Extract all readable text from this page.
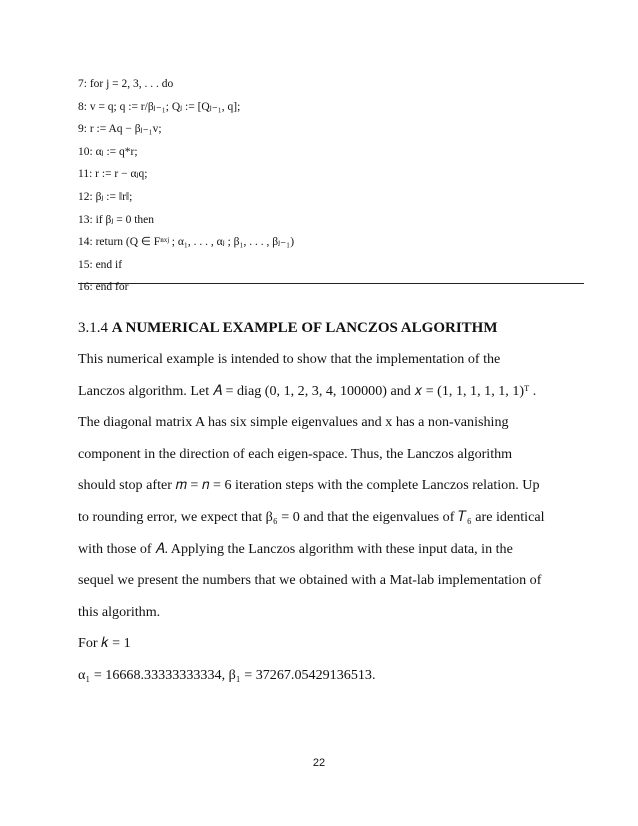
7: for j = 2, 3, . . . do
8: v = q; q := r/βⱼ₋₁; Qⱼ := [Qⱼ₋₁, q];
9: r := Aq − βⱼ₋₁v;
10: αⱼ := q*r;
11: r := r − αⱼq;
12: βⱼ := ‖r‖;
13: if βⱼ = 0 then
14: return (Q ∈ Fⁿˣʲ ; α₁, . . . , αⱼ ; β₁, . . . , βⱼ₋₁)
15: end if
16: end for
3.1.4 A NUMERICAL EXAMPLE OF LANCZOS ALGORITHM
This numerical example is intended to show that the implementation of the
Lanczos algorithm. Let 𝐴 = diag (0, 1, 2, 3, 4, 100000) and 𝑥 = (1, 1, 1, 1, 1, 1)ᵀ .
The diagonal matrix A has six simple eigenvalues and x has a non-vanishing
component in the direction of each eigen-space. Thus, the Lanczos algorithm
should stop after 𝑚 = 𝑛 = 6 iteration steps with the complete Lanczos relation. Up
to rounding error, we expect that β₆ = 0 and that the eigenvalues of 𝑇₆ are identical
with those of 𝐴. Applying the Lanczos algorithm with these input data, in the
sequel we present the numbers that we obtained with a Mat-lab implementation of
this algorithm.
For 𝑘 = 1
α₁ = 16668.33333333334, β₁ = 37267.05429136513.
22
